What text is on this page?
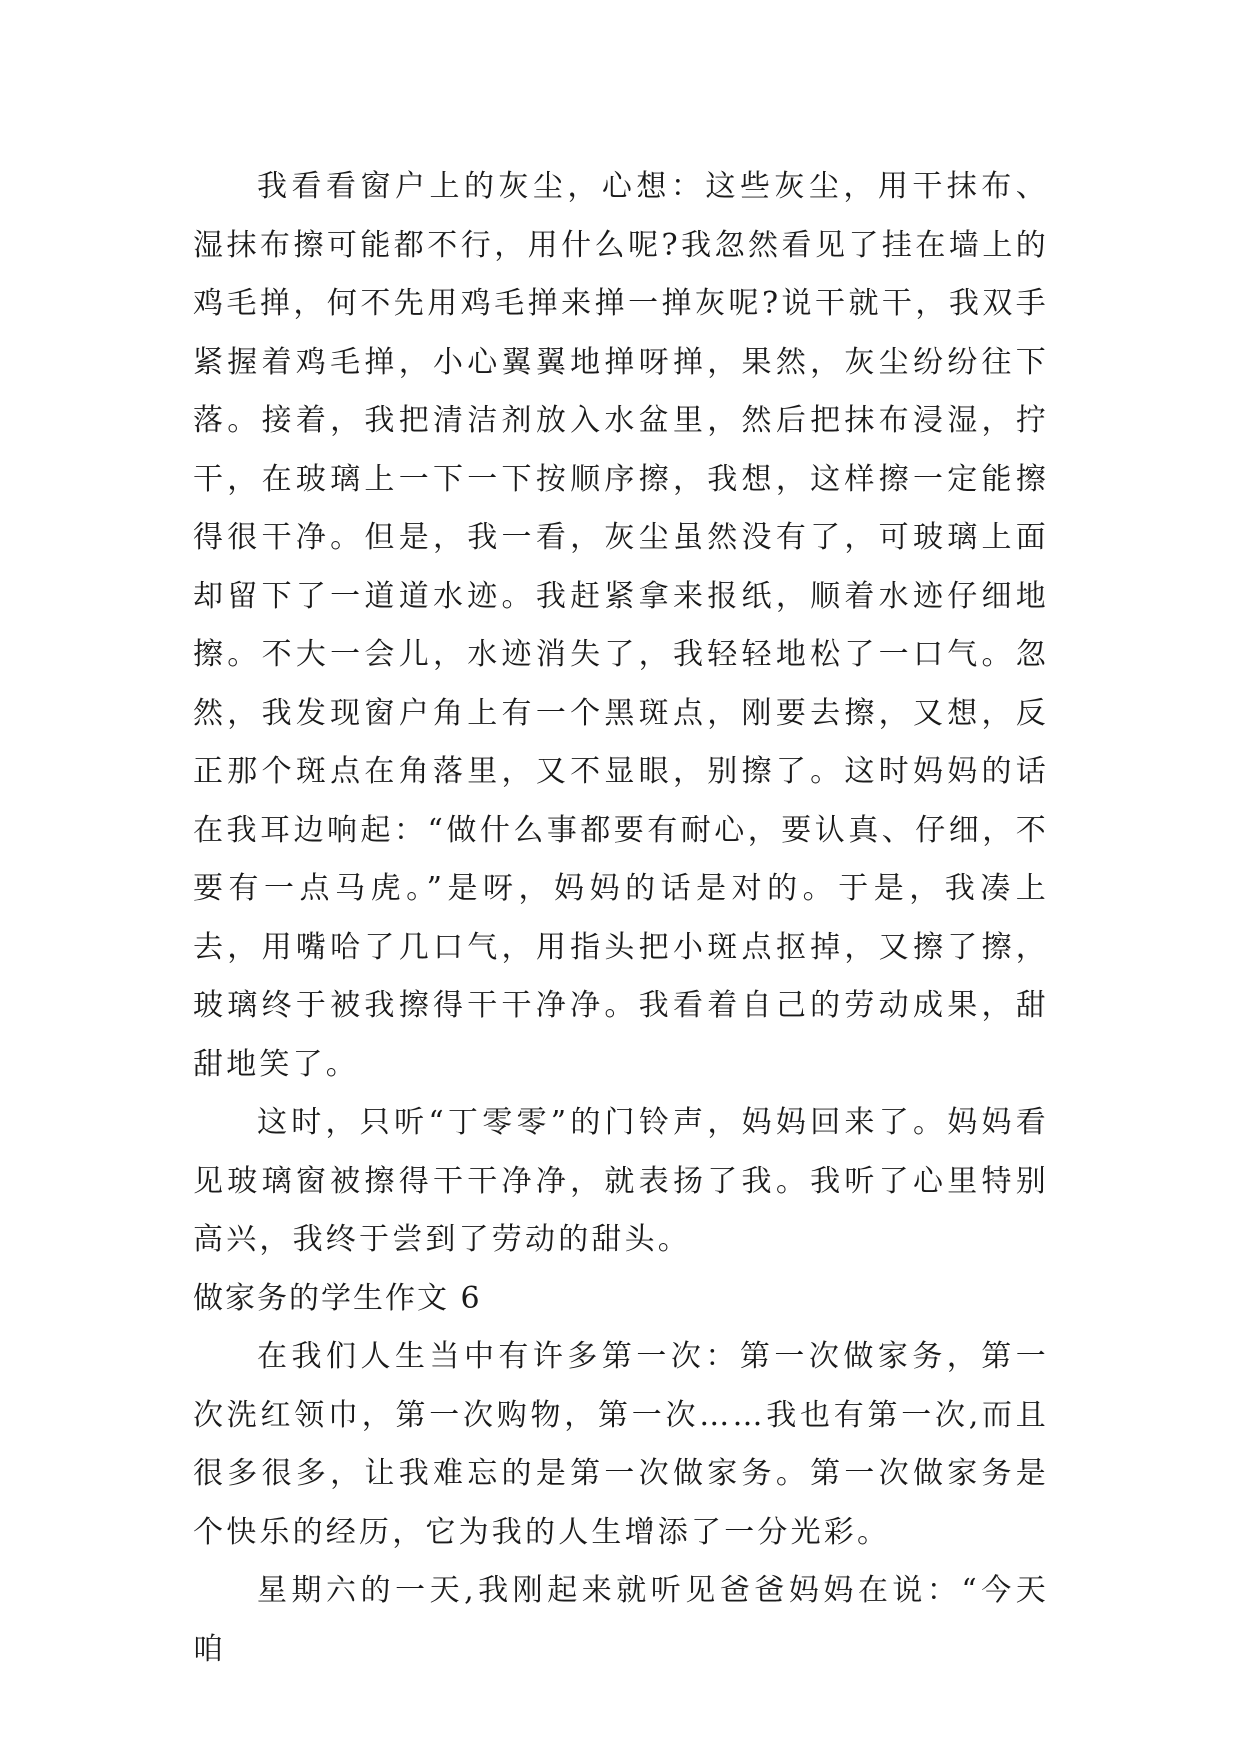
我看看窗户上的灰尘，心想：这些灰尘，用干抹布、湿抹布擦可能都不行，用什么呢?我忽然看见了挂在墙上的鸡毛掸，何不先用鸡毛掸来掸一掸灰呢?说干就干，我双手紧握着鸡毛掸，小心翼翼地掸呀掸，果然，灰尘纷纷往下落。接着，我把清洁剂放入水盆里，然后把抹布浸湿，拧干，在玻璃上一下一下按顺序擦，我想，这样擦一定能擦得很干净。但是，我一看，灰尘虽然没有了，可玻璃上面却留下了一道道水迹。我赶紧拿来报纸，顺着水迹仔细地擦。不大一会儿，水迹消失了，我轻轻地松了一口气。忽然，我发现窗户角上有一个黑斑点，刚要去擦，又想，反正那个斑点在角落里，又不显眼，别擦了。这时妈妈的话在我耳边响起：“做什么事都要有耐心，要认真、仔细，不要有一点马虎。”是呀，妈妈的话是对的。于是，我凑上去，用嘴哈了几口气，用指头把小斑点抠掉，又擦了擦，玻璃终于被我擦得干干净净。我看着自己的劳动成果，甜甜地笑了。

这时，只听“丁零零”的门铃声，妈妈回来了。妈妈看见玻璃窗被擦得干干净净，就表扬了我。我听了心里特别高兴，我终于尝到了劳动的甜头。

做家务的学生作文 6

在我们人生当中有许多第一次：第一次做家务，第一次洗红领巾，第一次购物，第一次……我也有第一次,而且很多很多，让我难忘的是第一次做家务。第一次做家务是个快乐的经历，它为我的人生增添了一分光彩。

星期六的一天,我刚起来就听见爸爸妈妈在说：“今天咱
